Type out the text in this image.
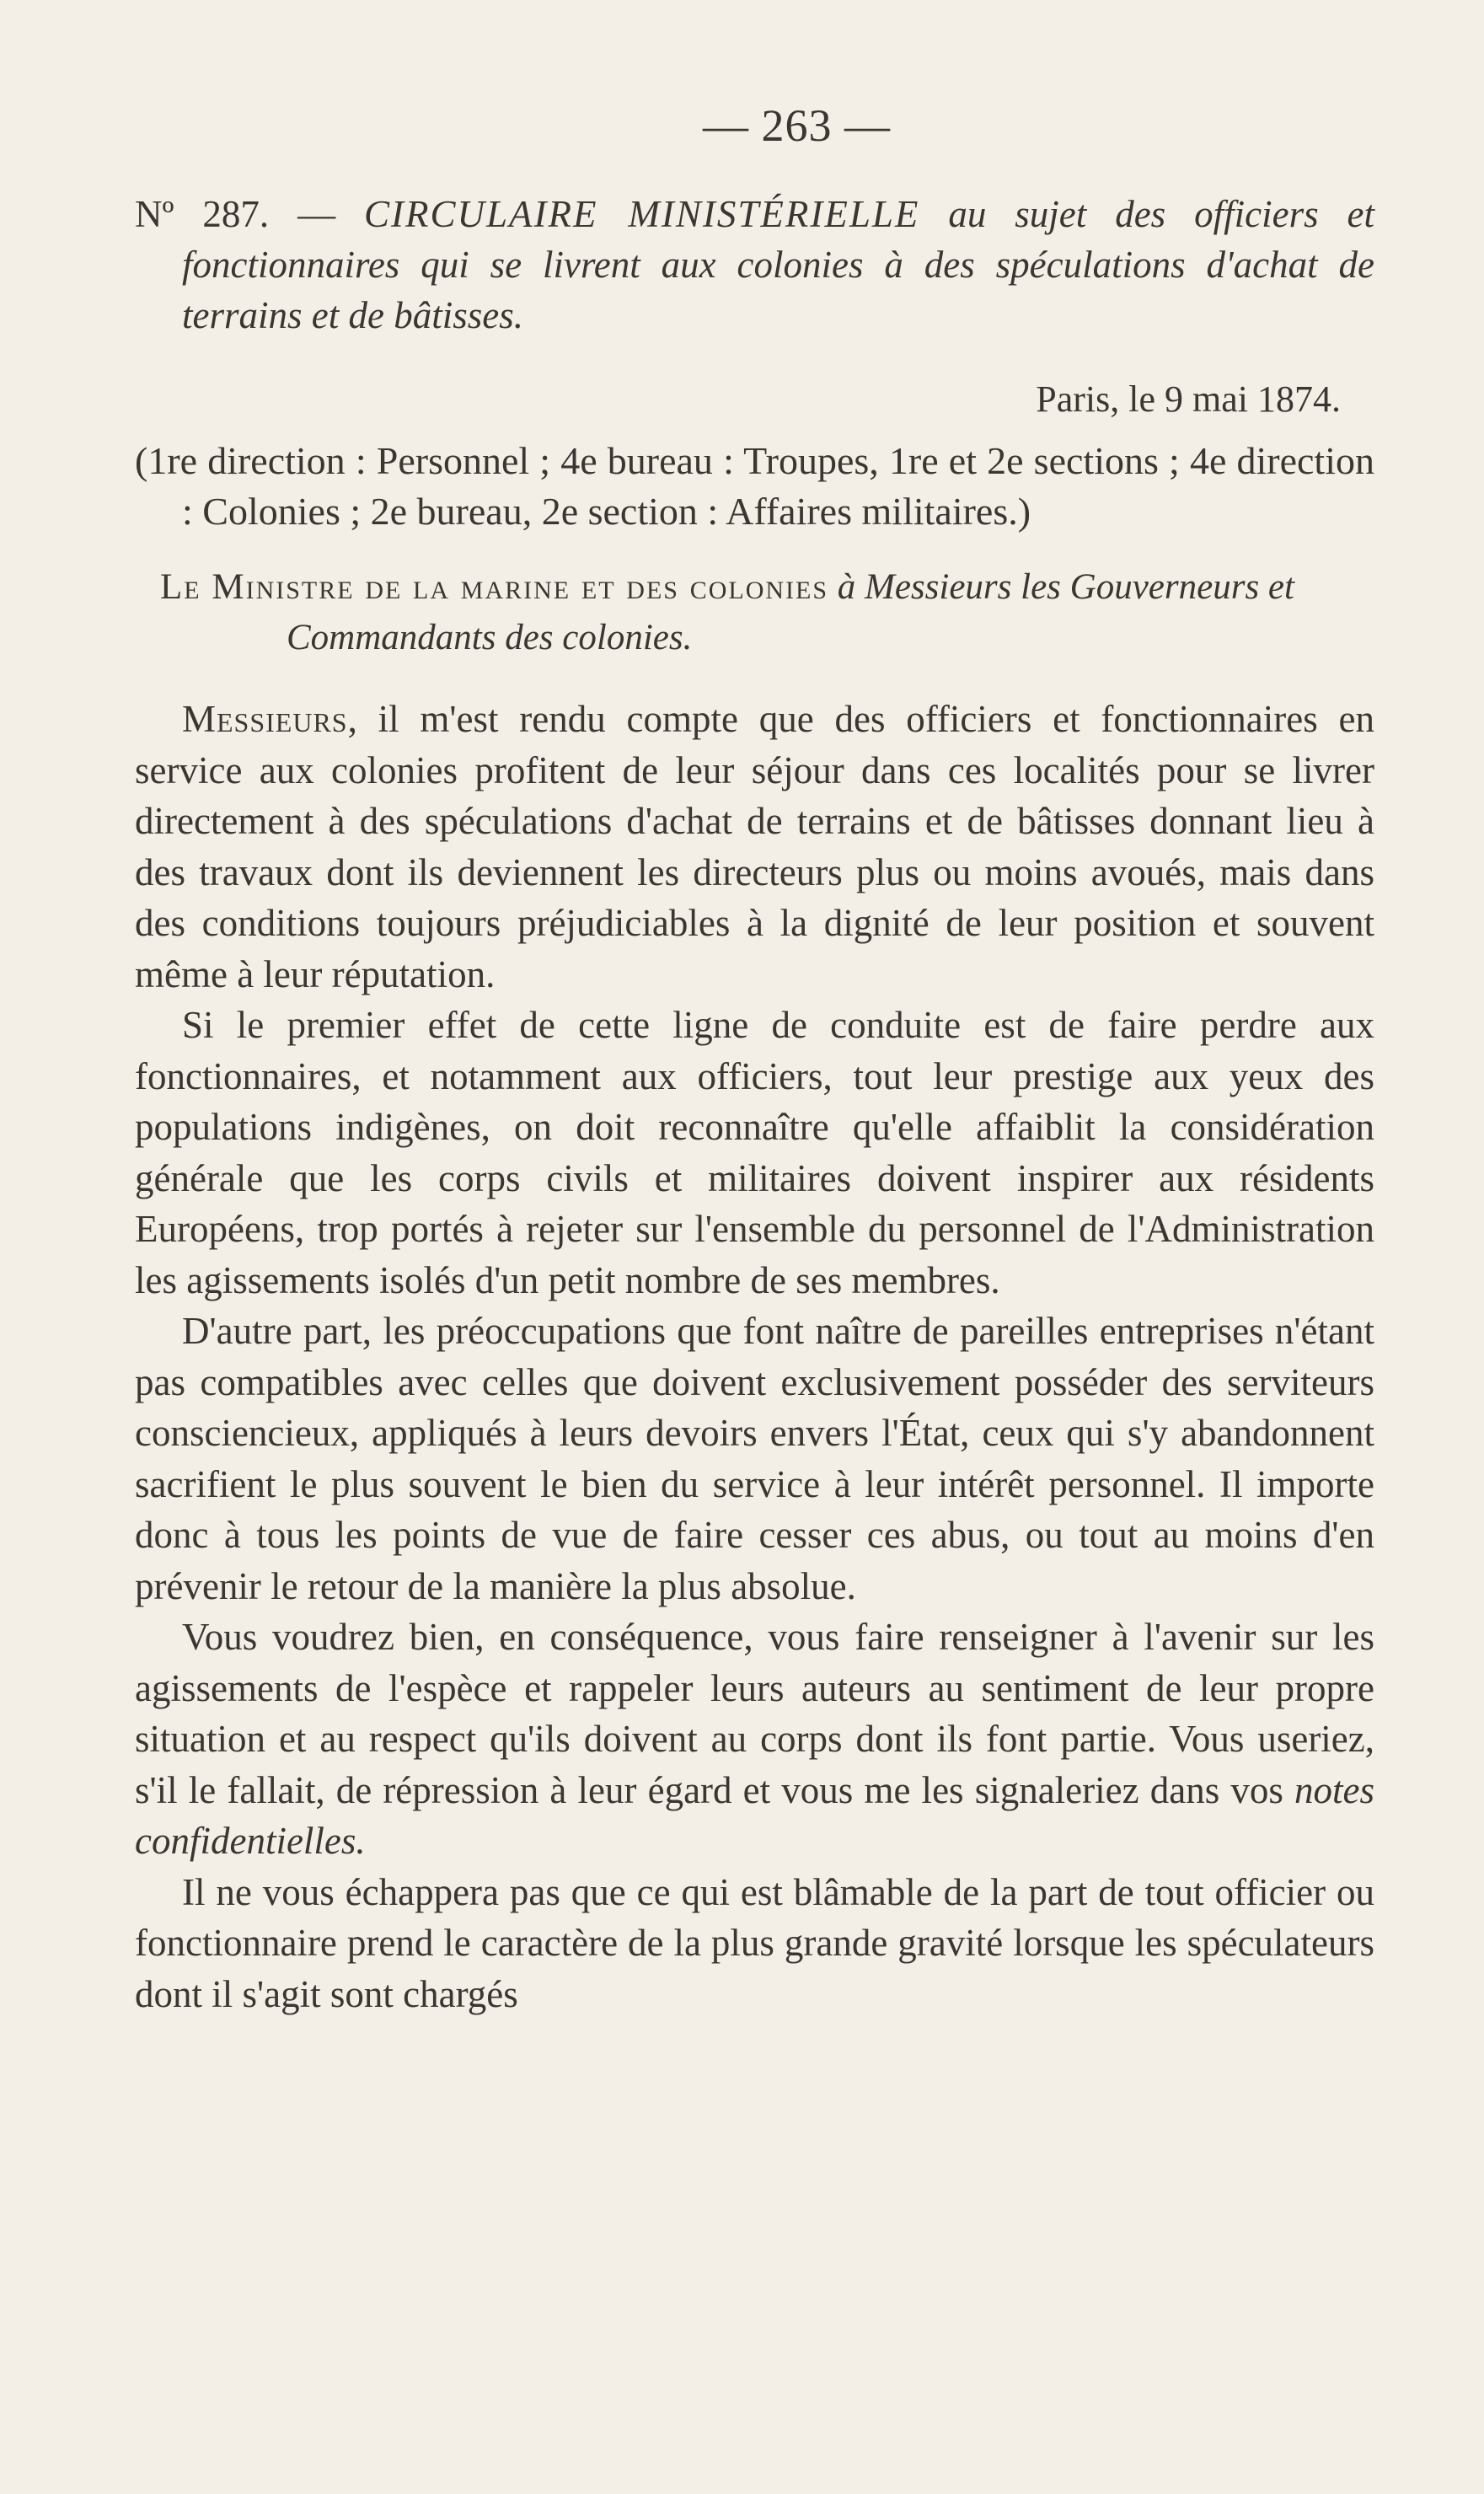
— 263 —

Nº 287. — CIRCULAIRE MINISTÉRIELLE au sujet des officiers et fonctionnaires qui se livrent aux colonies à des spéculations d'achat de terrains et de bâtisses.

Paris, le 9 mai 1874.

(1re direction : Personnel ; 4e bureau : Troupes, 1re et 2e sections ; 4e direction : Colonies ; 2e bureau, 2e section : Affaires militaires.)

Le Ministre de la marine et des colonies à Messieurs les Gouverneurs et Commandants des colonies.

Messieurs, il m'est rendu compte que des officiers et fonctionnaires en service aux colonies profitent de leur séjour dans ces localités pour se livrer directement à des spéculations d'achat de terrains et de bâtisses donnant lieu à des travaux dont ils deviennent les directeurs plus ou moins avoués, mais dans des conditions toujours préjudiciables à la dignité de leur position et souvent même à leur réputation.

Si le premier effet de cette ligne de conduite est de faire perdre aux fonctionnaires, et notamment aux officiers, tout leur prestige aux yeux des populations indigènes, on doit reconnaître qu'elle affaiblit la considération générale que les corps civils et militaires doivent inspirer aux résidents Européens, trop portés à rejeter sur l'ensemble du personnel de l'Administration les agissements isolés d'un petit nombre de ses membres.

D'autre part, les préoccupations que font naître de pareilles entreprises n'étant pas compatibles avec celles que doivent exclusivement posséder des serviteurs consciencieux, appliqués à leurs devoirs envers l'État, ceux qui s'y abandonnent sacrifient le plus souvent le bien du service à leur intérêt personnel. Il importe donc à tous les points de vue de faire cesser ces abus, ou tout au moins d'en prévenir le retour de la manière la plus absolue.

Vous voudrez bien, en conséquence, vous faire renseigner à l'avenir sur les agissements de l'espèce et rappeler leurs auteurs au sentiment de leur propre situation et au respect qu'ils doivent au corps dont ils font partie. Vous useriez, s'il le fallait, de répression à leur égard et vous me les signaleriez dans vos notes confidentielles.

Il ne vous échappera pas que ce qui est blâmable de la part de tout officier ou fonctionnaire prend le caractère de la plus grande gravité lorsque les spéculateurs dont il s'agit sont chargés
